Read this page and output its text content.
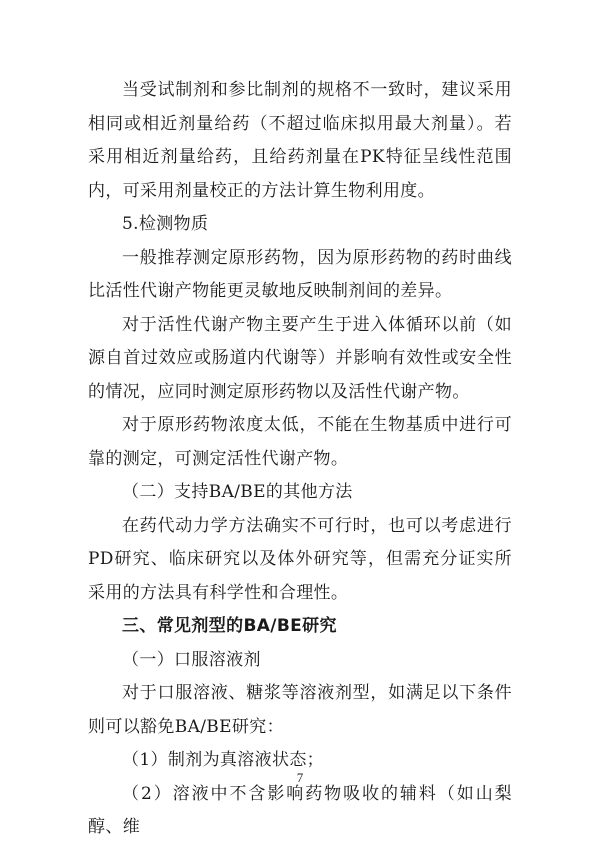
当受试制剂和参比制剂的规格不一致时，建议采用相同或相近剂量给药（不超过临床拟用最大剂量）。若采用相近剂量给药，且给药剂量在PK特征呈线性范围内，可采用剂量校正的方法计算生物利用度。

5.检测物质

一般推荐测定原形药物，因为原形药物的药时曲线比活性代谢产物能更灵敏地反映制剂间的差异。

对于活性代谢产物主要产生于进入体循环以前（如源自首过效应或肠道内代谢等）并影响有效性或安全性的情况，应同时测定原形药物以及活性代谢产物。

对于原形药物浓度太低，不能在生物基质中进行可靠的测定，可测定活性代谢产物。

（二）支持BA/BE的其他方法

在药代动力学方法确实不可行时，也可以考虑进行PD研究、临床研究以及体外研究等，但需充分证实所采用的方法具有科学性和合理性。

三、常见剂型的BA/BE研究

（一）口服溶液剂

对于口服溶液、糖浆等溶液剂型，如满足以下条件则可以豁免BA/BE研究：

（1）制剂为真溶液状态；

（2）溶液中不含影响药物吸收的辅料（如山梨醇、维

7
